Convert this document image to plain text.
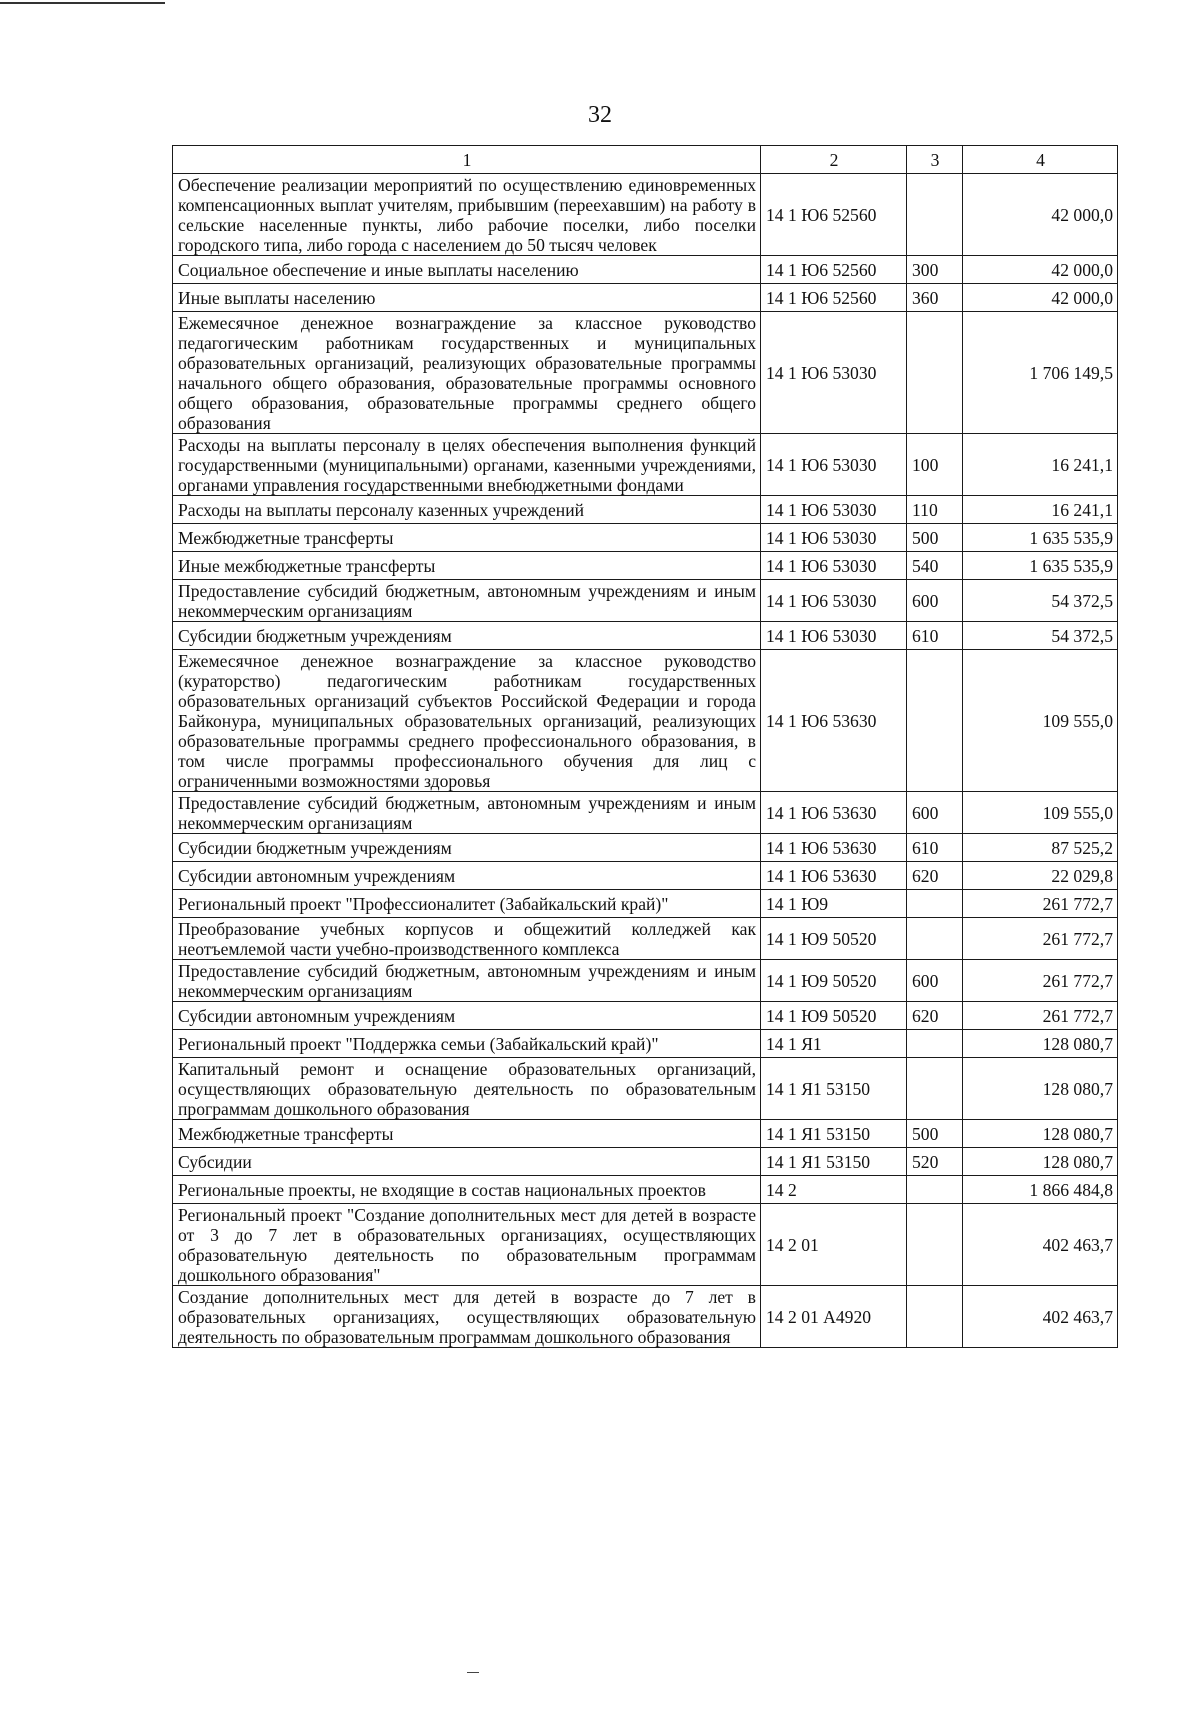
32
1	2	3	4
Обеспечение реализации мероприятий по осуществлению единовременных компенсационных выплат учителям, прибывшим (переехавшим) на работу в сельские населенные пункты, либо рабочие поселки, либо поселки городского типа, либо города с населением до 50 тысяч человек	14 1 Ю6 52560		42 000,0
Социальное обеспечение и иные выплаты населению	14 1 Ю6 52560	300	42 000,0
Иные выплаты населению	14 1 Ю6 52560	360	42 000,0
Ежемесячное денежное вознаграждение за классное руководство педагогическим работникам государственных и муниципальных образовательных организаций, реализующих образовательные программы начального общего образования, образовательные программы основного общего образования, образовательные программы среднего общего образования	14 1 Ю6 53030		1 706 149,5
Расходы на выплаты персоналу в целях обеспечения выполнения функций государственными (муниципальными) органами, казенными учреждениями, органами управления государственными внебюджетными фондами	14 1 Ю6 53030	100	16 241,1
Расходы на выплаты персоналу казенных учреждений	14 1 Ю6 53030	110	16 241,1
Межбюджетные трансферты	14 1 Ю6 53030	500	1 635 535,9
Иные межбюджетные трансферты	14 1 Ю6 53030	540	1 635 535,9
Предоставление субсидий бюджетным, автономным учреждениям и иным некоммерческим организациям	14 1 Ю6 53030	600	54 372,5
Субсидии бюджетным учреждениям	14 1 Ю6 53030	610	54 372,5
Ежемесячное денежное вознаграждение за классное руководство (кураторство) педагогическим работникам государственных образовательных организаций субъектов Российской Федерации и города Байконура, муниципальных образовательных организаций, реализующих образовательные программы среднего профессионального образования, в том числе программы профессионального обучения для лиц с ограниченными возможностями здоровья	14 1 Ю6 53630		109 555,0
Предоставление субсидий бюджетным, автономным учреждениям и иным некоммерческим организациям	14 1 Ю6 53630	600	109 555,0
Субсидии бюджетным учреждениям	14 1 Ю6 53630	610	87 525,2
Субсидии автономным учреждениям	14 1 Ю6 53630	620	22 029,8
Региональный проект "Профессионалитет (Забайкальский край)"	14 1 Ю9		261 772,7
Преобразование учебных корпусов и общежитий колледжей как неотъемлемой части учебно-производственного комплекса	14 1 Ю9 50520		261 772,7
Предоставление субсидий бюджетным, автономным учреждениям и иным некоммерческим организациям	14 1 Ю9 50520	600	261 772,7
Субсидии автономным учреждениям	14 1 Ю9 50520	620	261 772,7
Региональный проект "Поддержка семьи (Забайкальский край)"	14 1 Я1		128 080,7
Капитальный ремонт и оснащение образовательных организаций, осуществляющих образовательную деятельность по образовательным программам дошкольного образования	14 1 Я1 53150		128 080,7
Межбюджетные трансферты	14 1 Я1 53150	500	128 080,7
Субсидии	14 1 Я1 53150	520	128 080,7
Региональные проекты, не входящие в состав национальных проектов	14 2		1 866 484,8
Региональный проект "Создание дополнительных мест для детей в возрасте от 3 до 7 лет в образовательных организациях, осуществляющих образовательную деятельность по образовательным программам дошкольного образования"	14 2 01		402 463,7
Создание дополнительных мест для детей в возрасте до 7 лет в образовательных организациях, осуществляющих образовательную деятельность по образовательным программам дошкольного образования	14 2 01 А4920		402 463,7
